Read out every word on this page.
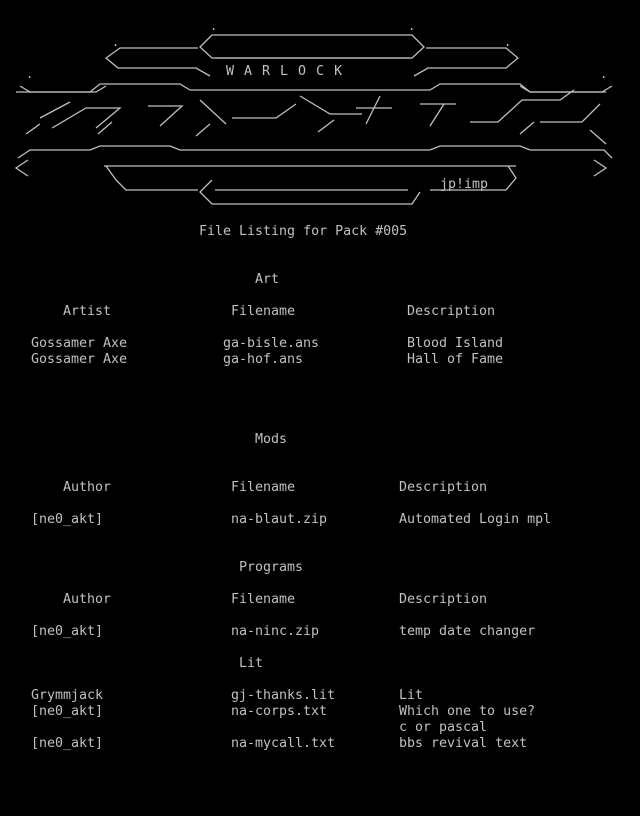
.	.
.	.
.	.
W A R L O C K
jp!imp
File Listing for Pack #005
Art
Artist	Filename	Description
Gossamer Axe	ga-bisle.ans	Blood Island
Gossamer Axe	ga-hof.ans	Hall of Fame
Mods
Author	Filename	Description
[ne0_akt]	na-blaut.zip	Automated Login mpl
Programs
Author	Filename	Description
[ne0_akt]	na-ninc.zip	temp date changer
Lit
Grymmjack	gj-thanks.lit	Lit
[ne0_akt]	na-corps.txt	Which one to use?
c or pascal
[ne0_akt]	na-mycall.txt	bbs revival text
